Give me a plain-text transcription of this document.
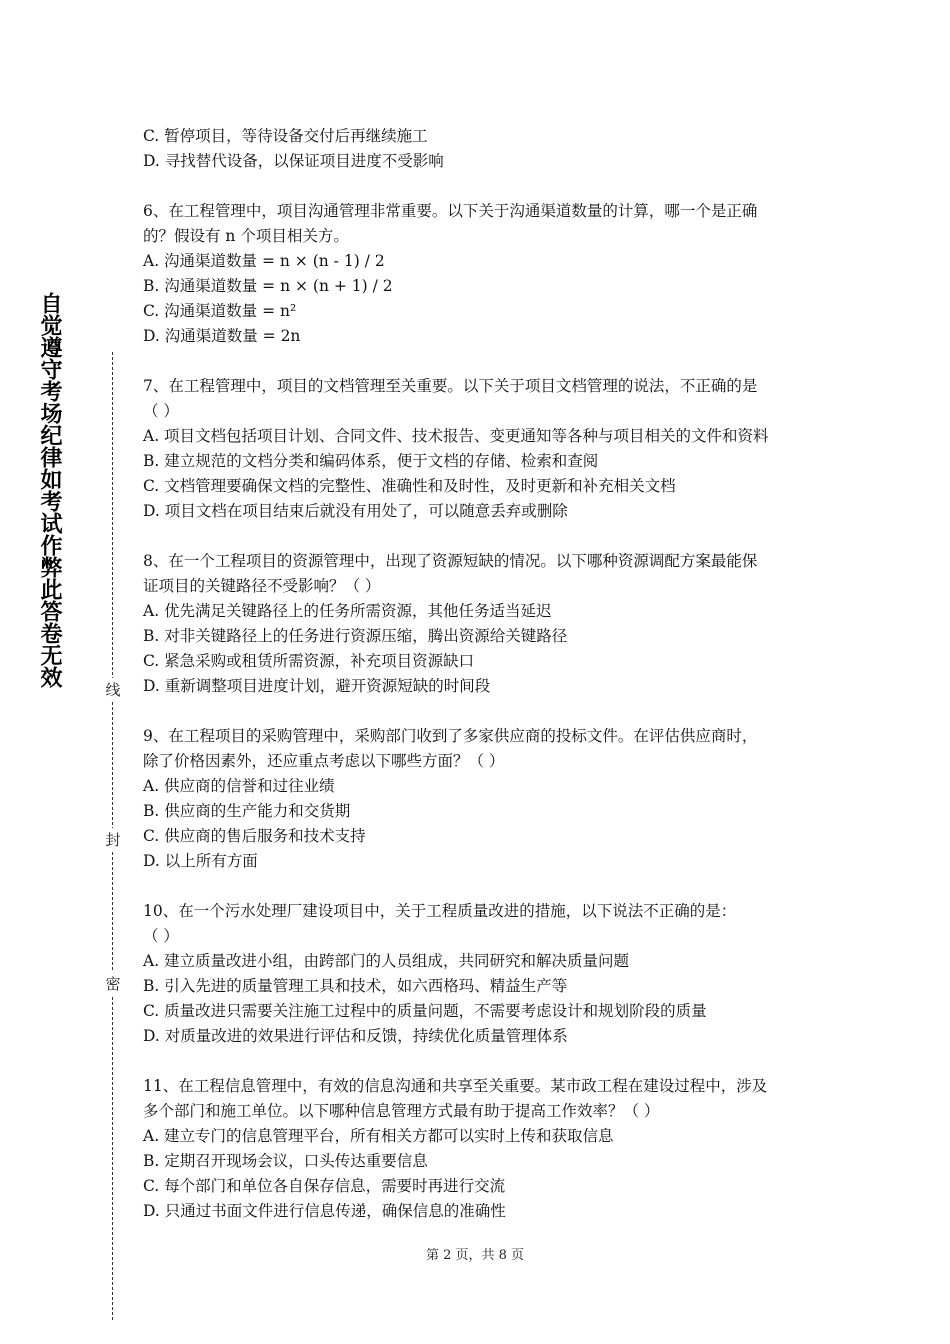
自觉遵守考场纪律如考试作弊此答卷无效
线
封
密
C. 暂停项目，等待设备交付后再继续施工
D. 寻找替代设备，以保证项目进度不受影响
6、在工程管理中，项目沟通管理非常重要。以下关于沟通渠道数量的计算，哪一个是正确
的？假设有 n 个项目相关方。
A. 沟通渠道数量 = n × (n - 1) / 2
B. 沟通渠道数量 = n × (n + 1) / 2
C. 沟通渠道数量 = n²
D. 沟通渠道数量 = 2n
7、在工程管理中，项目的文档管理至关重要。以下关于项目文档管理的说法，不正确的是
（ ）
A. 项目文档包括项目计划、合同文件、技术报告、变更通知等各种与项目相关的文件和资料
B. 建立规范的文档分类和编码体系，便于文档的存储、检索和查阅
C. 文档管理要确保文档的完整性、准确性和及时性，及时更新和补充相关文档
D. 项目文档在项目结束后就没有用处了，可以随意丢弃或删除
8、在一个工程项目的资源管理中，出现了资源短缺的情况。以下哪种资源调配方案最能保
证项目的关键路径不受影响？（ ）
A. 优先满足关键路径上的任务所需资源，其他任务适当延迟
B. 对非关键路径上的任务进行资源压缩，腾出资源给关键路径
C. 紧急采购或租赁所需资源，补充项目资源缺口
D. 重新调整项目进度计划，避开资源短缺的时间段
9、在工程项目的采购管理中，采购部门收到了多家供应商的投标文件。在评估供应商时，
除了价格因素外，还应重点考虑以下哪些方面？（ ）
A. 供应商的信誉和过往业绩
B. 供应商的生产能力和交货期
C. 供应商的售后服务和技术支持
D. 以上所有方面
10、在一个污水处理厂建设项目中，关于工程质量改进的措施，以下说法不正确的是：
（ ）
A. 建立质量改进小组，由跨部门的人员组成，共同研究和解决质量问题
B. 引入先进的质量管理工具和技术，如六西格玛、精益生产等
C. 质量改进只需要关注施工过程中的质量问题，不需要考虑设计和规划阶段的质量
D. 对质量改进的效果进行评估和反馈，持续优化质量管理体系
11、在工程信息管理中，有效的信息沟通和共享至关重要。某市政工程在建设过程中，涉及
多个部门和施工单位。以下哪种信息管理方式最有助于提高工作效率？（ ）
A. 建立专门的信息管理平台，所有相关方都可以实时上传和获取信息
B. 定期召开现场会议，口头传达重要信息
C. 每个部门和单位各自保存信息，需要时再进行交流
D. 只通过书面文件进行信息传递，确保信息的准确性
第 2 页，共 8 页
